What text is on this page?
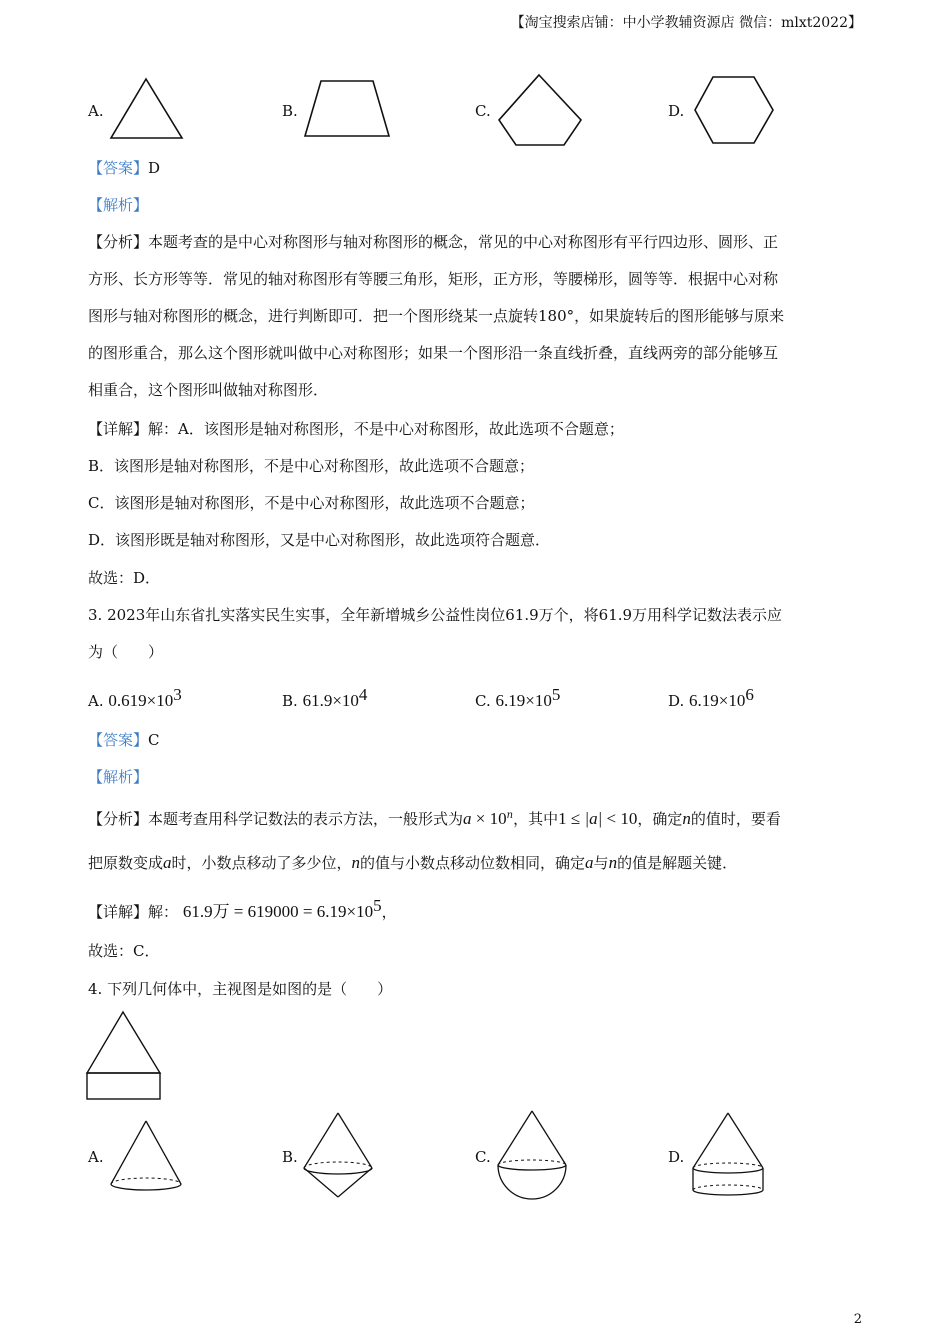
【淘宝搜索店铺：中小学教辅资源店 微信：mlxt2022】
A.	B.	C.	D.
【答案】D
【解析】
【分析】本题考查的是中心对称图形与轴对称图形的概念，常见的中心对称图形有平行四边形、圆形、正
方形、长方形等等．常见的轴对称图形有等腰三角形，矩形，正方形，等腰梯形，圆等等．根据中心对称
图形与轴对称图形的概念，进行判断即可．把一个图形绕某一点旋转180°，如果旋转后的图形能够与原来
的图形重合，那么这个图形就叫做中心对称图形；如果一个图形沿一条直线折叠，直线两旁的部分能够互
相重合，这个图形叫做轴对称图形．
【详解】解：A．该图形是轴对称图形，不是中心对称图形，故此选项不合题意；
B．该图形是轴对称图形，不是中心对称图形，故此选项不合题意；
C．该图形是轴对称图形，不是中心对称图形，故此选项不合题意；
D．该图形既是轴对称图形，又是中心对称图形，故此选项符合题意．
故选：D．
3. 2023年山东省扎实落实民生实事，全年新增城乡公益性岗位61.9万个，将61.9万用科学记数法表示应
为（　　）
A. $0.619\times 10^3$	B. $61.9\times 10^4$	C. $6.19\times 10^5$	D. $6.19\times 10^6$
【答案】C
【解析】
【分析】本题考查用科学记数法的表示方法，一般形式为$a \times 10^n$，其中1 ≤ |a| < 10，确定n的值时，要看
把原数变成a时，小数点移动了多少位，n的值与小数点移动位数相同，确定a与n的值是解题关键．
【详解】解： 61.9万 = $619000 = 6.19\times 10^5$，
故选：C．
4. 下列几何体中，主视图是如图的是（　　）
A.	B.	C.	D.
2
